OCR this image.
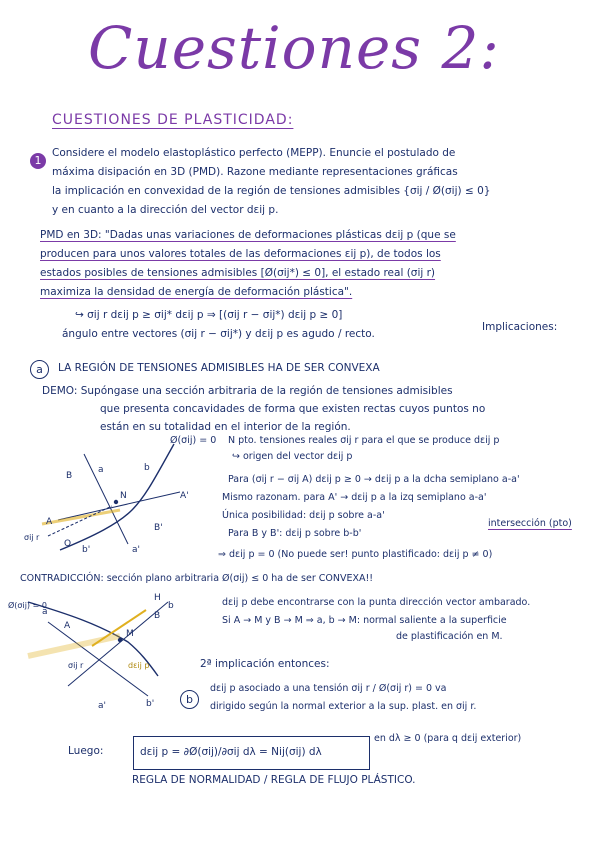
Cuestiones 2:
CUESTIONES DE PLASTICIDAD:
1
Considere el modelo elastoplástico perfecto (MEPP). Enuncie el postulado de
máxima disipación en 3D (PMD). Razone mediante representaciones gráficas
la implicación en convexidad de la región de tensiones admisibles {σij / Ø(σij) ≤ 0}
y en cuanto a la dirección del vector dεij p.
PMD en 3D: "Dadas unas variaciones de deformaciones plásticas dεij p (que se
producen para unos valores totales de las deformaciones εij p), de todos los
estados posibles de tensiones admisibles [Ø(σij*) ≤ 0], el estado real (σij r)
maximiza la densidad de energía de deformación plástica".
↪ σij r dεij p ≥ σij* dεij p ⇒ [(σij r − σij*) dεij p ≥ 0]
ángulo entre vectores (σij r − σij*) y dεij p es agudo / recto.
Implicaciones:
a	LA REGIÓN DE TENSIONES ADMISIBLES HA DE SER CONVEXA
DEMO: Supóngase una sección arbitraria de la región de tensiones admisibles
que presenta concavidades de forma que existen rectas cuyos puntos no
están en su totalidad en el interior de la región.
a	b
B
A'
A
σij r
b'	a'
B'
O
N
Ø(σij) = 0 N pto. tensiones reales σij r para el que se produce dεij p
↪ origen del vector dεij p
Para (σij r − σij A) dεij p ≥ 0 → dεij p a la dcha semiplano a-a'
Mismo razonam. para A' → dεij p a la izq semiplano a-a'
Única posibilidad: dεij p sobre a-a'
intersección (pto)
Para B y B': dεij p sobre b-b'
⇒ dεij p = 0 (No puede ser! punto plastificado: dεij p ≠ 0)
CONTRADICCIÓN: sección plano arbitraria Ø(σij) ≤ 0 ha de ser CONVEXA!!
Ø(σij) = 0
a
A
b
M
H
B
a'	b'
dεij p
σij r
dεij p debe encontrarse con la punta dirección vector ambarado.
Si A → M y B → M ⇒ a, b → M: normal saliente a la superficie
de plastificación en M.
2ª implicación entonces:
b
dεij p asociado a una tensión σij r / Ø(σij r) = 0 va
dirigido según la normal exterior a la sup. plast. en σij r.
Luego:	dεij p = ∂Ø(σij)/∂σij dλ = Nij(σij) dλ
en dλ ≥ 0 (para q dεij exterior)
REGLA DE NORMALIDAD / REGLA DE FLUJO PLÁSTICO.
